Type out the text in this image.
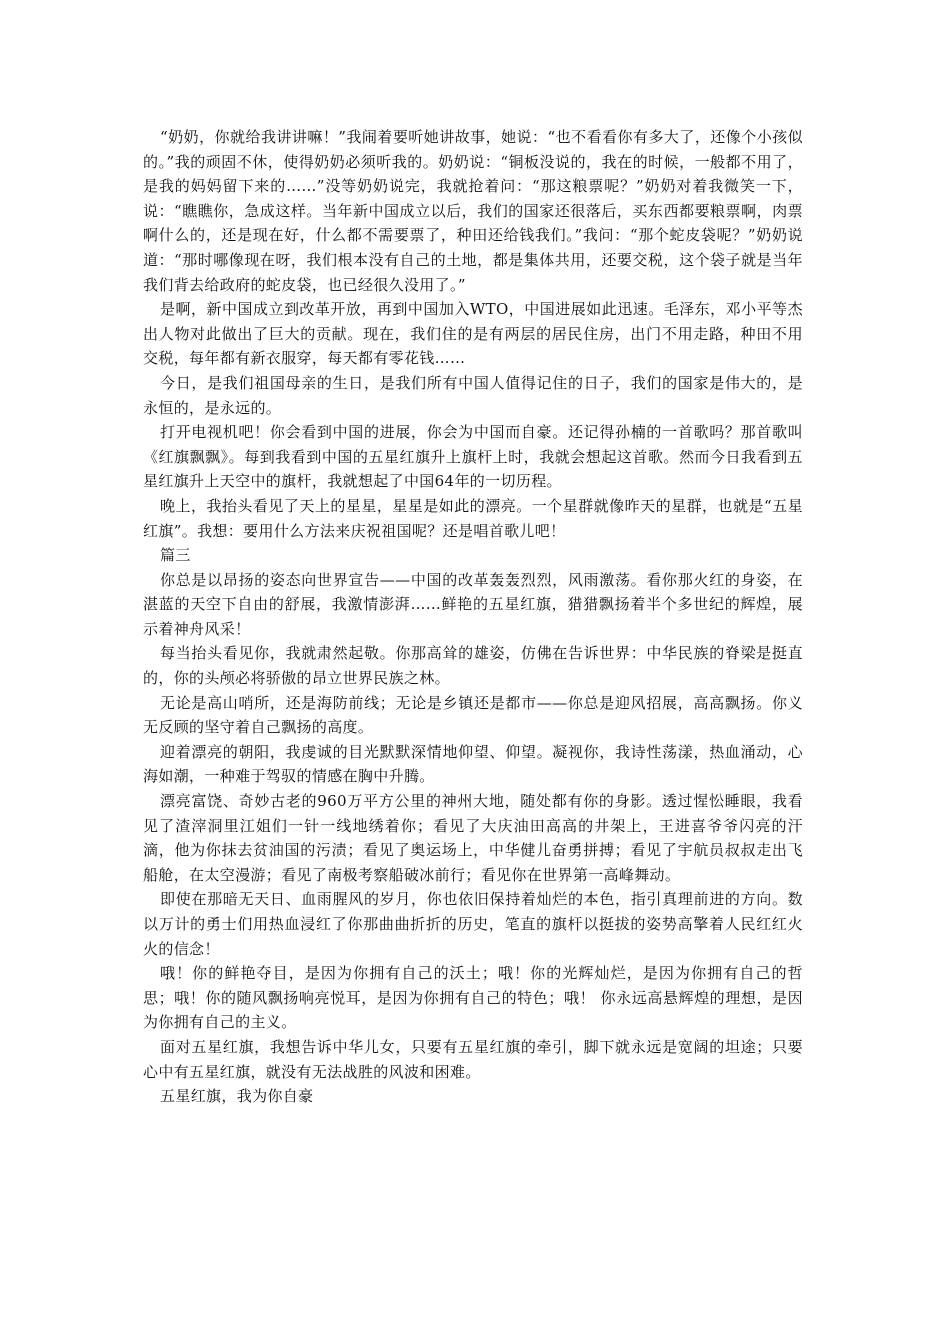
“奶奶，你就给我讲讲嘛！”我闹着要听她讲故事，她说：“也不看看你有多大了，还像个小孩似的。”我的顽固不休，使得奶奶必须听我的。奶奶说：“铜板没说的，我在的时候，一般都不用了，是我的妈妈留下来的……”没等奶奶说完，我就抢着问：“那这粮票呢？”奶奶对着我微笑一下，说：“瞧瞧你，急成这样。当年新中国成立以后，我们的国家还很落后，买东西都要粮票啊，肉票啊什么的，还是现在好，什么都不需要票了，种田还给钱我们。”我问：“那个蛇皮袋呢？”奶奶说道：“那时哪像现在呀，我们根本没有自己的土地，都是集体共用，还要交税，这个袋子就是当年我们背去给政府的蛇皮袋，也已经很久没用了。”

是啊，新中国成立到改革开放，再到中国加入WTO，中国进展如此迅速。毛泽东，邓小平等杰出人物对此做出了巨大的贡献。现在，我们住的是有两层的居民住房，出门不用走路，种田不用交税，每年都有新衣服穿，每天都有零花钱……

今日，是我们祖国母亲的生日，是我们所有中国人值得记住的日子，我们的国家是伟大的，是永恒的，是永远的。

打开电视机吧！你会看到中国的进展，你会为中国而自豪。还记得孙楠的一首歌吗？那首歌叫《红旗飘飘》。每到我看到中国的五星红旗升上旗杆上时，我就会想起这首歌。然而今日我看到五星红旗升上天空中的旗杆，我就想起了中国64年的一切历程。

晚上，我抬头看见了天上的星星，星星是如此的漂亮。一个星群就像昨天的星群，也就是“五星红旗”。我想：要用什么方法来庆祝祖国呢？还是唱首歌儿吧！

篇三

你总是以昂扬的姿态向世界宣告——中国的改革轰轰烈烈，风雨激荡。看你那火红的身姿，在湛蓝的天空下自由的舒展，我激情澎湃……鲜艳的五星红旗，猎猎飘扬着半个多世纪的辉煌，展示着神舟风采！

每当抬头看见你，我就肃然起敬。你那高耸的雄姿，仿佛在告诉世界：中华民族的脊梁是挺直的，你的头颅必将骄傲的昂立世界民族之林。

无论是高山哨所，还是海防前线；无论是乡镇还是都市——你总是迎风招展，高高飘扬。你义无反顾的坚守着自己飘扬的高度。

迎着漂亮的朝阳，我虔诚的目光默默深情地仰望、仰望。凝视你，我诗性荡漾，热血涌动，心海如潮，一种难于驾驭的情感在胸中升腾。

漂亮富饶、奇妙古老的960万平方公里的神州大地，随处都有你的身影。透过惺忪睡眼，我看见了渣滓洞里江姐们一针一线地绣着你；看见了大庆油田高高的井架上，王进喜爷爷闪亮的汗滴，他为你抹去贫油国的污渍；看见了奥运场上，中华健儿奋勇拼搏；看见了宇航员叔叔走出飞船舱，在太空漫游；看见了南极考察船破冰前行；看见你在世界第一高峰舞动。

即使在那暗无天日、血雨腥风的岁月，你也依旧保持着灿烂的本色，指引真理前进的方向。数以万计的勇士们用热血浸红了你那曲曲折折的历史，笔直的旗杆以挺拔的姿势高擎着人民红红火火的信念！

哦！你的鲜艳夺目，是因为你拥有自己的沃土；哦！你的光辉灿烂，是因为你拥有自己的哲思；哦！你的随风飘扬响亮悦耳，是因为你拥有自己的特色；哦！ 你永远高悬辉煌的理想，是因为你拥有自己的主义。

面对五星红旗，我想告诉中华儿女，只要有五星红旗的牵引，脚下就永远是宽阔的坦途；只要心中有五星红旗，就没有无法战胜的风波和困难。

五星红旗，我为你自豪
